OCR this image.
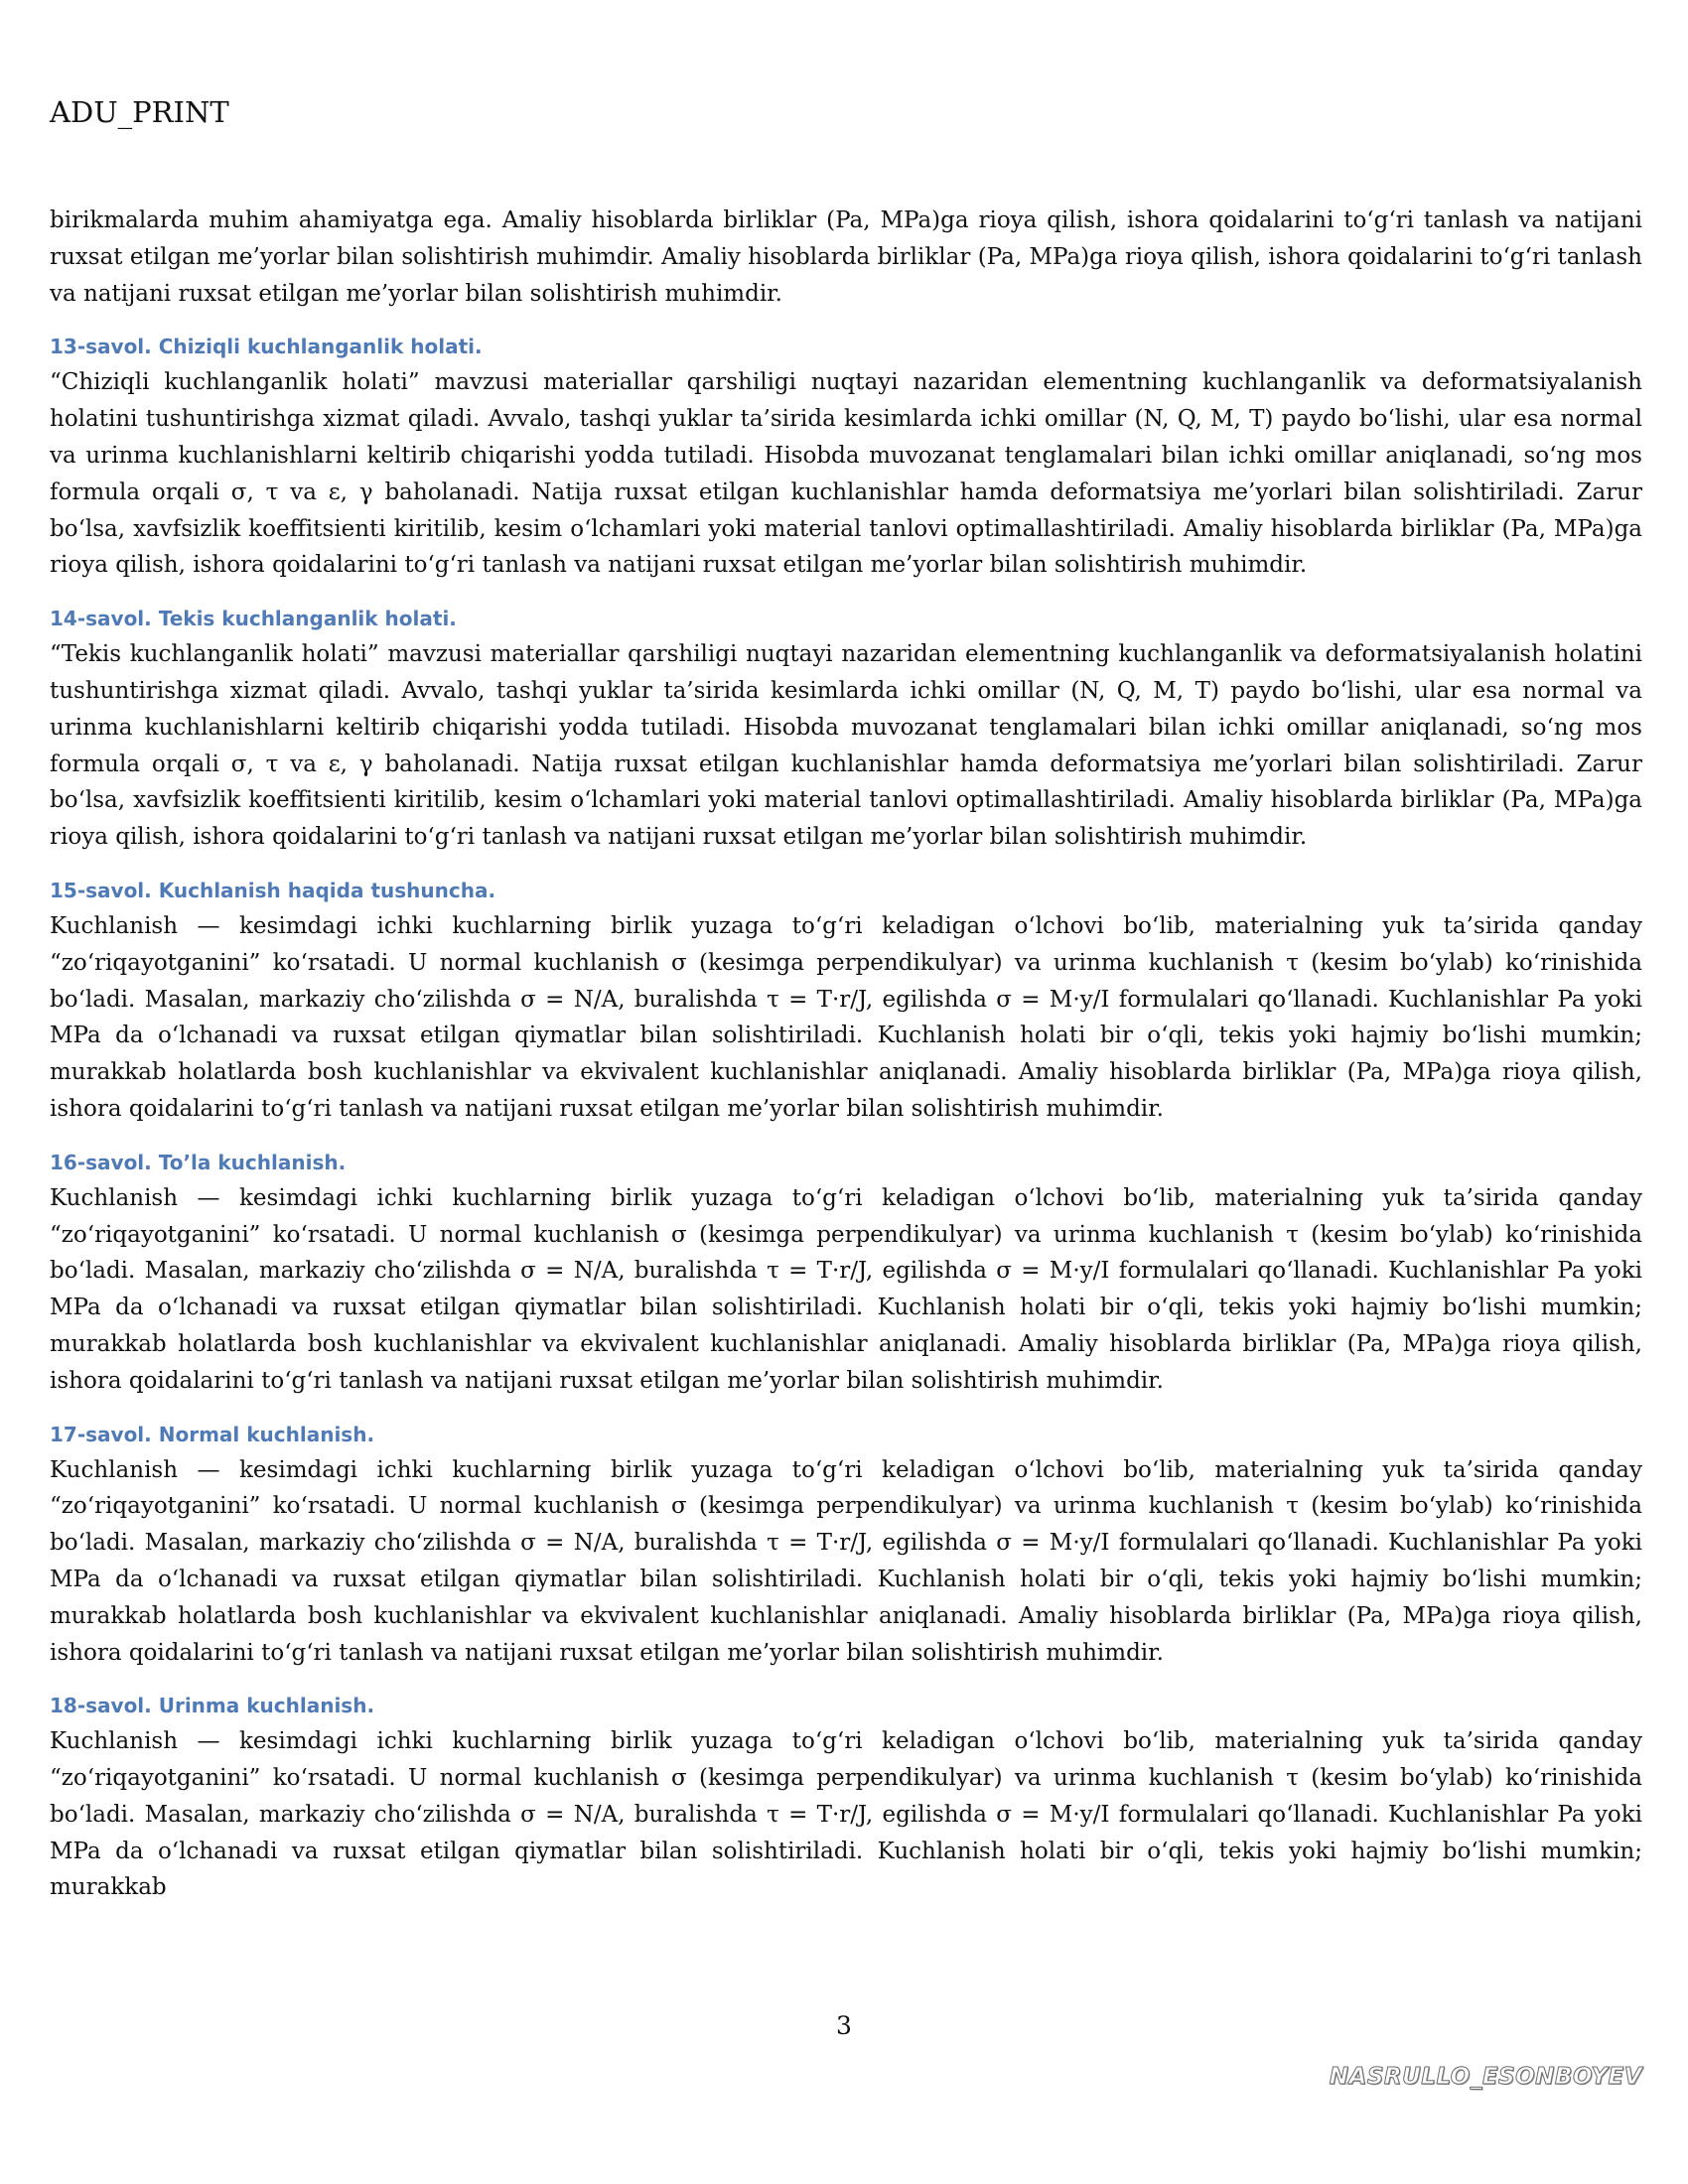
ADU_PRINT

birikmalarda muhim ahamiyatga ega. Amaliy hisoblarda birliklar (Pa, MPa)ga rioya qilish, ishora qoidalarini to‘g‘ri tanlash va natijani ruxsat etilgan me’yorlar bilan solishtirish muhimdir. Amaliy hisoblarda birliklar (Pa, MPa)ga rioya qilish, ishora qoidalarini to‘g‘ri tanlash va natijani ruxsat etilgan me’yorlar bilan solishtirish muhimdir.

13-savol. Chiziqli kuchlanganlik holati.

“Chiziqli kuchlanganlik holati” mavzusi materiallar qarshiligi nuqtayi nazaridan elementning kuchlanganlik va deformatsiyalanish holatini tushuntirishga xizmat qiladi. Avvalo, tashqi yuklar ta’sirida kesimlarda ichki omillar (N, Q, M, T) paydo bo‘lishi, ular esa normal va urinma kuchlanishlarni keltirib chiqarishi yodda tutiladi. Hisobda muvozanat tenglamalari bilan ichki omillar aniqlanadi, so‘ng mos formula orqali σ, τ va ε, γ baholanadi. Natija ruxsat etilgan kuchlanishlar hamda deformatsiya me’yorlari bilan solishtiriladi. Zarur bo‘lsa, xavfsizlik koeffitsienti kiritilib, kesim o‘lchamlari yoki material tanlovi optimallashtiriladi. Amaliy hisoblarda birliklar (Pa, MPa)ga rioya qilish, ishora qoidalarini to‘g‘ri tanlash va natijani ruxsat etilgan me’yorlar bilan solishtirish muhimdir.

14-savol. Tekis kuchlanganlik holati.

“Tekis kuchlanganlik holati” mavzusi materiallar qarshiligi nuqtayi nazaridan elementning kuchlanganlik va deformatsiyalanish holatini tushuntirishga xizmat qiladi. Avvalo, tashqi yuklar ta’sirida kesimlarda ichki omillar (N, Q, M, T) paydo bo‘lishi, ular esa normal va urinma kuchlanishlarni keltirib chiqarishi yodda tutiladi. Hisobda muvozanat tenglamalari bilan ichki omillar aniqlanadi, so‘ng mos formula orqali σ, τ va ε, γ baholanadi. Natija ruxsat etilgan kuchlanishlar hamda deformatsiya me’yorlari bilan solishtiriladi. Zarur bo‘lsa, xavfsizlik koeffitsienti kiritilib, kesim o‘lchamlari yoki material tanlovi optimallashtiriladi. Amaliy hisoblarda birliklar (Pa, MPa)ga rioya qilish, ishora qoidalarini to‘g‘ri tanlash va natijani ruxsat etilgan me’yorlar bilan solishtirish muhimdir.

15-savol. Kuchlanish haqida tushuncha.

Kuchlanish — kesimdagi ichki kuchlarning birlik yuzaga to‘g‘ri keladigan o‘lchovi bo‘lib, materialning yuk ta’sirida qanday “zo‘riqayotganini” ko‘rsatadi. U normal kuchlanish σ (kesimga perpendikulyar) va urinma kuchlanish τ (kesim bo‘ylab) ko‘rinishida bo‘ladi. Masalan, markaziy cho‘zilishda σ = N/A, buralishda τ = T·r/J, egilishda σ = M·y/I formulalari qo‘llanadi. Kuchlanishlar Pa yoki MPa da o‘lchanadi va ruxsat etilgan qiymatlar bilan solishtiriladi. Kuchlanish holati bir o‘qli, tekis yoki hajmiy bo‘lishi mumkin; murakkab holatlarda bosh kuchlanishlar va ekvivalent kuchlanishlar aniqlanadi. Amaliy hisoblarda birliklar (Pa, MPa)ga rioya qilish, ishora qoidalarini to‘g‘ri tanlash va natijani ruxsat etilgan me’yorlar bilan solishtirish muhimdir.

16-savol. To’la kuchlanish.

Kuchlanish — kesimdagi ichki kuchlarning birlik yuzaga to‘g‘ri keladigan o‘lchovi bo‘lib, materialning yuk ta’sirida qanday “zo‘riqayotganini” ko‘rsatadi. U normal kuchlanish σ (kesimga perpendikulyar) va urinma kuchlanish τ (kesim bo‘ylab) ko‘rinishida bo‘ladi. Masalan, markaziy cho‘zilishda σ = N/A, buralishda τ = T·r/J, egilishda σ = M·y/I formulalari qo‘llanadi. Kuchlanishlar Pa yoki MPa da o‘lchanadi va ruxsat etilgan qiymatlar bilan solishtiriladi. Kuchlanish holati bir o‘qli, tekis yoki hajmiy bo‘lishi mumkin; murakkab holatlarda bosh kuchlanishlar va ekvivalent kuchlanishlar aniqlanadi. Amaliy hisoblarda birliklar (Pa, MPa)ga rioya qilish, ishora qoidalarini to‘g‘ri tanlash va natijani ruxsat etilgan me’yorlar bilan solishtirish muhimdir.

17-savol. Normal kuchlanish.

Kuchlanish — kesimdagi ichki kuchlarning birlik yuzaga to‘g‘ri keladigan o‘lchovi bo‘lib, materialning yuk ta’sirida qanday “zo‘riqayotganini” ko‘rsatadi. U normal kuchlanish σ (kesimga perpendikulyar) va urinma kuchlanish τ (kesim bo‘ylab) ko‘rinishida bo‘ladi. Masalan, markaziy cho‘zilishda σ = N/A, buralishda τ = T·r/J, egilishda σ = M·y/I formulalari qo‘llanadi. Kuchlanishlar Pa yoki MPa da o‘lchanadi va ruxsat etilgan qiymatlar bilan solishtiriladi. Kuchlanish holati bir o‘qli, tekis yoki hajmiy bo‘lishi mumkin; murakkab holatlarda bosh kuchlanishlar va ekvivalent kuchlanishlar aniqlanadi. Amaliy hisoblarda birliklar (Pa, MPa)ga rioya qilish, ishora qoidalarini to‘g‘ri tanlash va natijani ruxsat etilgan me’yorlar bilan solishtirish muhimdir.

18-savol. Urinma kuchlanish.

Kuchlanish — kesimdagi ichki kuchlarning birlik yuzaga to‘g‘ri keladigan o‘lchovi bo‘lib, materialning yuk ta’sirida qanday “zo‘riqayotganini” ko‘rsatadi. U normal kuchlanish σ (kesimga perpendikulyar) va urinma kuchlanish τ (kesim bo‘ylab) ko‘rinishida bo‘ladi. Masalan, markaziy cho‘zilishda σ = N/A, buralishda τ = T·r/J, egilishda σ = M·y/I formulalari qo‘llanadi. Kuchlanishlar Pa yoki MPa da o‘lchanadi va ruxsat etilgan qiymatlar bilan solishtiriladi. Kuchlanish holati bir o‘qli, tekis yoki hajmiy bo‘lishi mumkin; murakkab

3
NASRULLO_ESONBOYEV
